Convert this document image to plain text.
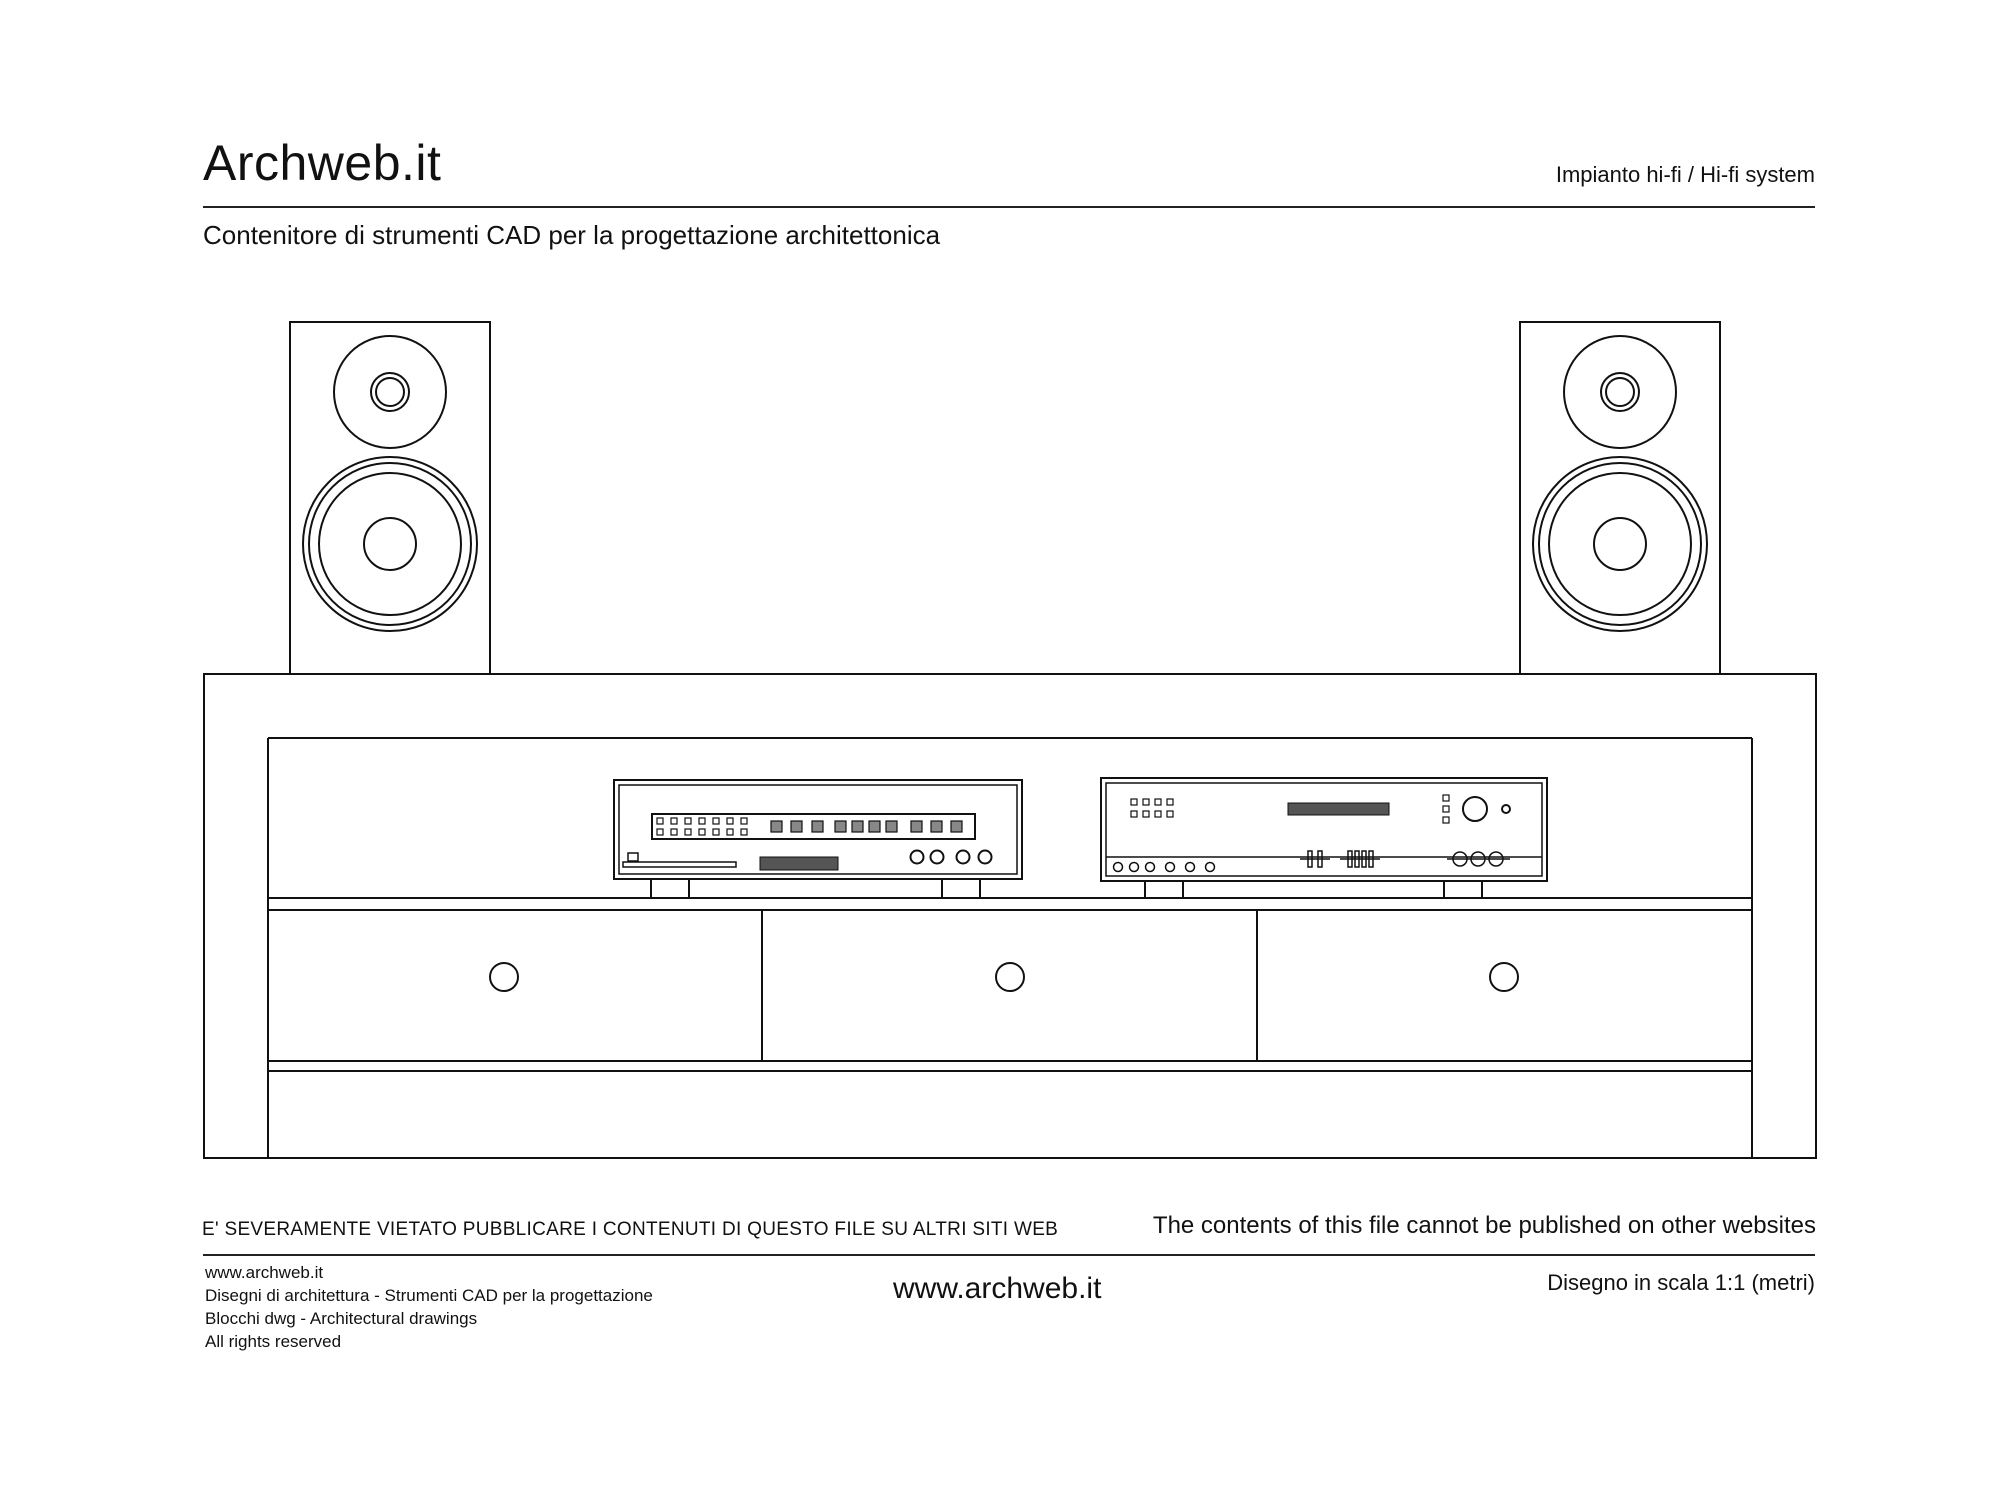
Archweb.it	Impianto hi-fi / Hi-fi system
Contenitore di strumenti CAD per la progettazione architettonica
E' SEVERAMENTE VIETATO PUBBLICARE I CONTENUTI DI QUESTO FILE SU ALTRI SITI WEB	The contents of this file cannot be published on other websites
www.archweb.it
Disegni di architettura - Strumenti CAD per la progettazione
Blocchi dwg - Architectural drawings
All rights reserved
www.archweb.it	Disegno in scala 1:1 (metri)
